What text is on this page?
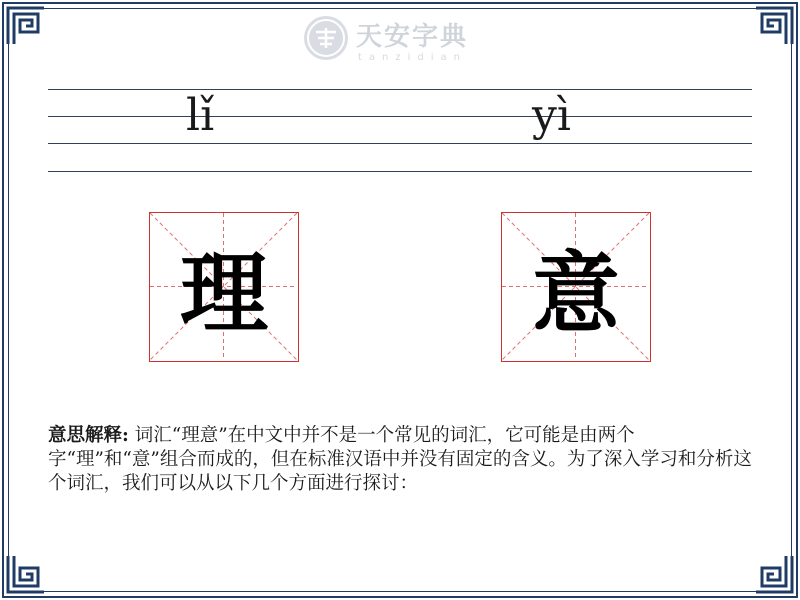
天安字典
tanzidian
lǐ	yì
理	意
意思解释: 词汇“理意”在中文中并不是一个常见的词汇，它可能是由两个字“理”和“意”组合而成的，但在标准汉语中并没有固定的含义。为了深入学习和分析这个词汇，我们可以从以下几个方面进行探讨：
